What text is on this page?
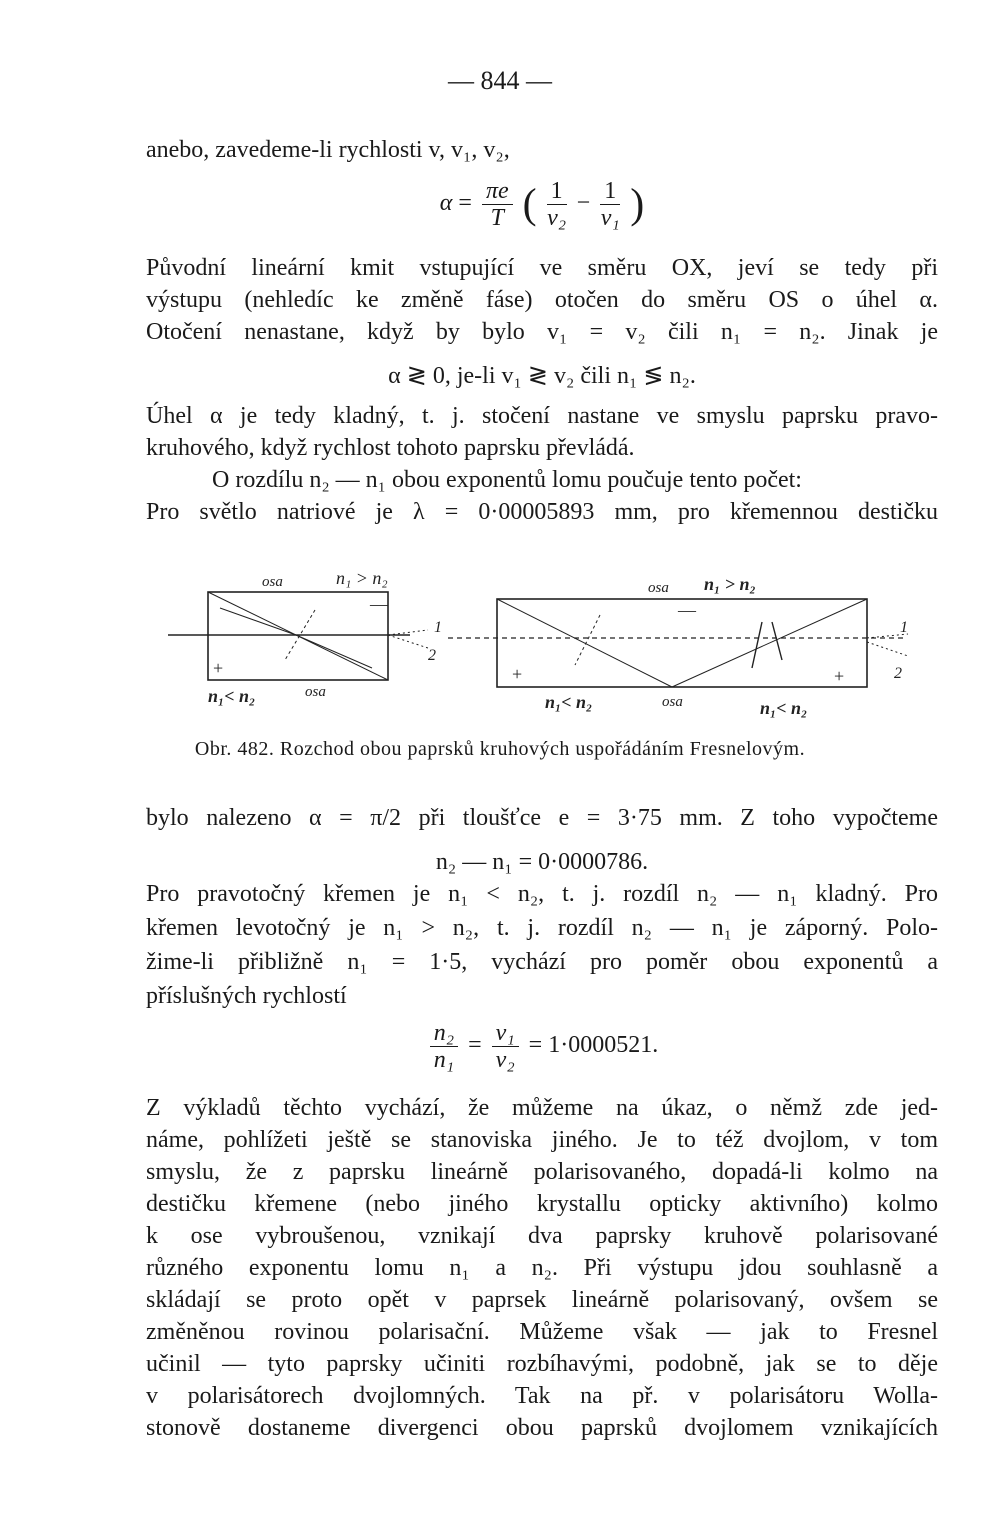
— 844 —
anebo, zavedeme-li rychlosti v, v₁, v₂,
$\alpha = \frac{\pi e}{T}$ ( $\frac{1}{\text{v₂}} - \frac{1}{\text{v₁}}$ )
Původní lineární kmit vstupující ve směru OX, jeví se tedy při
výstupu (nehledíc ke změně fáse) otočen do směru OS o úhel α.
Otočení nenastane, když by bylo v₁ = v₂ čili n₁ = n₂. Jinak je
α ≷ 0, je-li v₁ ≷ v₂ čili n₁ ≶ n₂.
Úhel α je tedy kladný, t. j. stočení nastane ve smyslu paprsku pravo-
kruhového, když rychlost tohoto paprsku převládá.
O rozdílu n₂ — n₁ obou exponentů lomu poučuje tento počet:
Pro světlo natriové je λ = 0·00005893 mm, pro křemennou destičku
osa	n₁ > n₂
—
+
n₁< n₂	osa
1
2
osa n₁ > n₂
—
+	+
n₁< n₂	osa	n₁< n₂
1
2
Obr. 482. Rozchod obou paprsků kruhových uspořádáním Fresnelovým.
bylo nalezeno α = π/2 při tloušťce e = 3·75 mm. Z toho vypočteme
n₂ — n₁ = 0·0000786.
Pro pravotočný křemen je n₁ < n₂, t. j. rozdíl n₂ — n₁ kladný. Pro
křemen levotočný je n₁ > n₂, t. j. rozdíl n₂ — n₁ je záporný. Polo-
žime-li přibližně n₁ = 1·5, vychází pro poměr obou exponentů a
příslušných rychlostí
$\frac{\text{n₂}}{\text{n₁}} = \frac{\text{v₁}}{\text{v₂}} = 1\cdot 0000521$.
Z výkladů těchto vychází, že můžeme na úkaz, o němž zde jed-
náme, pohlížeti ještě se stanoviska jiného. Je to též dvojlom, v tom
smyslu, že z paprsku lineárně polarisovaného, dopadá-li kolmo na
destičku křemene (nebo jiného krystallu opticky aktivního) kolmo
k ose vybroušenou, vznikají dva paprsky kruhově polarisované
různého exponentu lomu n₁ a n₂. Při výstupu jdou souhlasně a
skládají se proto opět v paprsek lineárně polarisovaný, ovšem se
změněnou rovinou polarisační. Můžeme však — jak to Fresnel
učinil — tyto paprsky učiniti rozbíhavými, podobně, jak se to děje
v polarisátorech dvojlomných. Tak na př. v polarisátoru Wolla-
stonově dostaneme divergenci obou paprsků dvojlomem vznikajících
